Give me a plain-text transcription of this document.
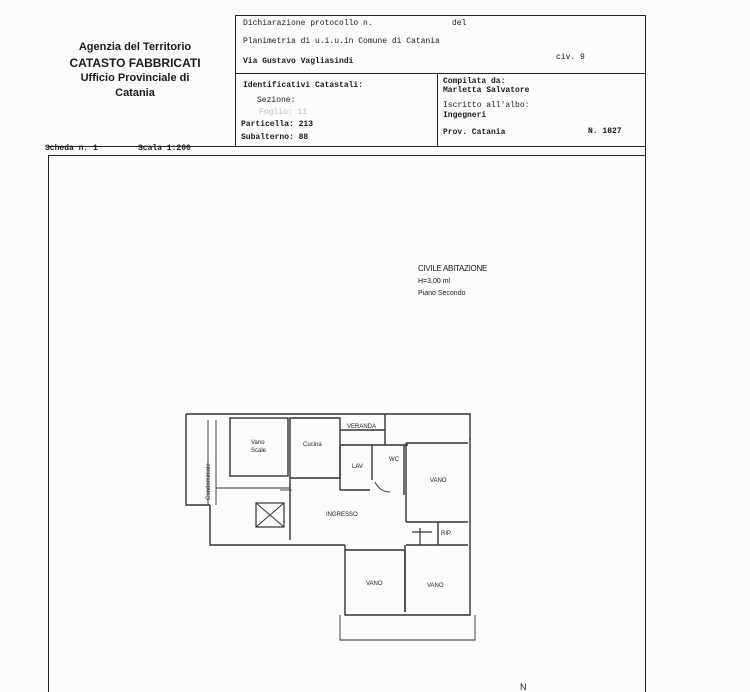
Agenzia del Territorio
CATASTO FABBRICATI
Ufficio Provinciale di
Catania
Dichiarazione protocollo n.	del
Planimetria di u.i.u.in Comune di Catania
Via Gustavo Vagliasindi	civ. 9
Identificativi Catastali:
Sezione:
Foglio: 11
Particella: 213
Subalterno: 88
Compilata da:
Marletta Salvatore
Iscritto all'albo:
Ingegneri
Prov. Catania	N. 1827
Scheda n. 1	Scala 1:200
CIVILE ABITAZIONE
H=3,00 ml
Piano Secondo
Vano
Scale
Cucina
VERANDA
LAV
WC
VANO
INGRESSO
Condominiale
RIP.
VANO	VANO
N
